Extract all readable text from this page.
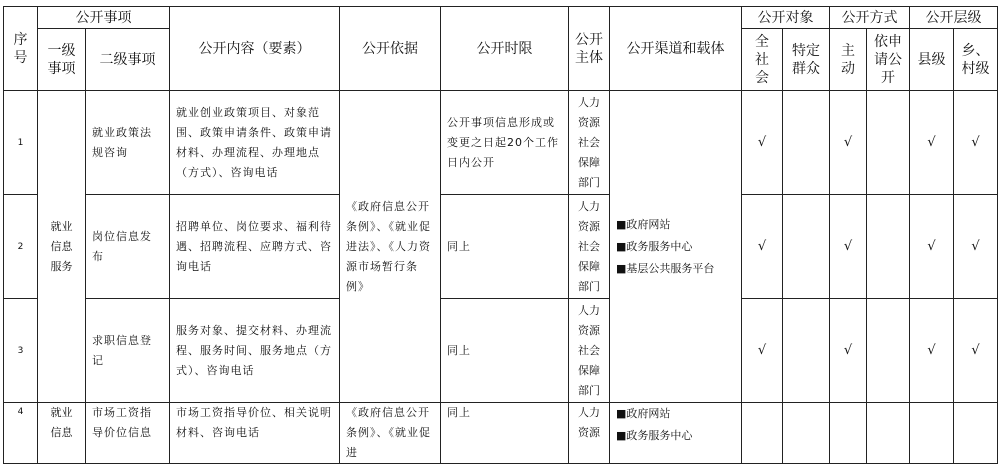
序号	公开事项		公开内容（要素）	公开依据	公开时限	公开主体	公开渠道和载体	公开对象		公开方式		公开层级	

	一级事项	二级事项						全社会	特定群众	主动	依申请公开	县级	乡、村级

1	就业信息服务	就业政策法规咨询	就业创业政策项目、对象范围、政策申请条件、政策申请材料、办理流程、办理地点（方式）、咨询电话	《政府信息公开条例》、《就业促进法》、《人力资源市场暂行条例》	公开事项信息形成或变更之日起20个工作日内公开	人力资源社会保障部门	■政府网站
■政务服务中心
■基层公共服务平台	√		√		√	√
2		岗位信息发布	招聘单位、岗位要求、福利待遇、招聘流程、应聘方式、咨询电话		同上	人力资源社会保障部门		√		√		√	√
3		求职信息登记	服务对象、提交材料、办理流程、服务时间、服务地点（方式）、咨询电话		同上	人力资源社会保障部门		√		√		√	√
4	就业信息	市场工资指导价位信息	市场工资指导价位、相关说明材料、咨询电话	《政府信息公开条例》、《就业促进	同上	人力资源	■政府网站
■政务服务中心						
